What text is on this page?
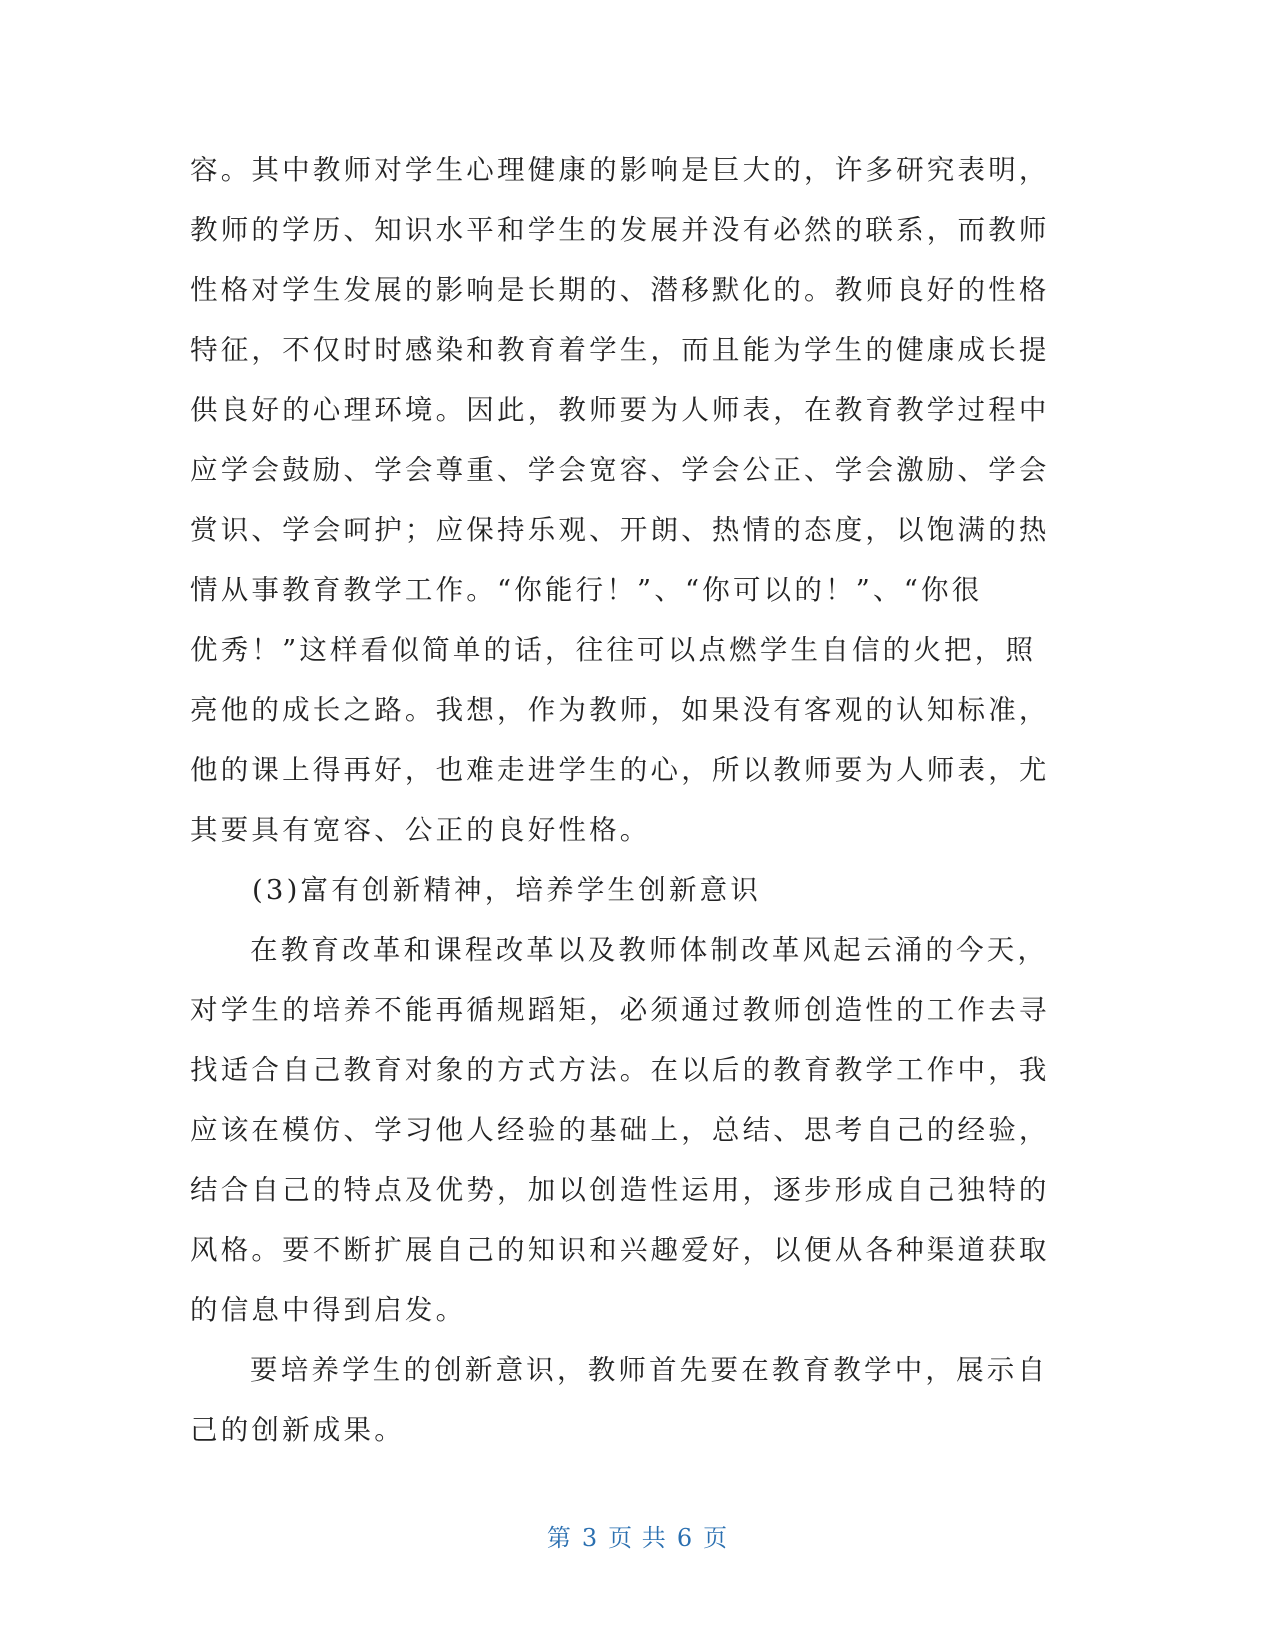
容。其中教师对学生心理健康的影响是巨大的，许多研究表明，
教师的学历、知识水平和学生的发展并没有必然的联系，而教师
性格对学生发展的影响是长期的、潜移默化的。教师良好的性格
特征，不仅时时感染和教育着学生，而且能为学生的健康成长提
供良好的心理环境。因此，教师要为人师表，在教育教学过程中
应学会鼓励、学会尊重、学会宽容、学会公正、学会激励、学会
赏识、学会呵护；应保持乐观、开朗、热情的态度，以饱满的热
情从事教育教学工作。“你能行！”、“你可以的！”、“你很
优秀！”这样看似简单的话，往往可以点燃学生自信的火把，照
亮他的成长之路。我想，作为教师，如果没有客观的认知标准，
他的课上得再好，也难走进学生的心，所以教师要为人师表，尤
其要具有宽容、公正的良好性格。
(3)富有创新精神，培养学生创新意识
在教育改革和课程改革以及教师体制改革风起云涌的今天，
对学生的培养不能再循规蹈矩，必须通过教师创造性的工作去寻
找适合自己教育对象的方式方法。在以后的教育教学工作中，我
应该在模仿、学习他人经验的基础上，总结、思考自己的经验，
结合自己的特点及优势，加以创造性运用，逐步形成自己独特的
风格。要不断扩展自己的知识和兴趣爱好，以便从各种渠道获取
的信息中得到启发。
要培养学生的创新意识，教师首先要在教育教学中，展示自
己的创新成果。
第 3 页 共 6 页
